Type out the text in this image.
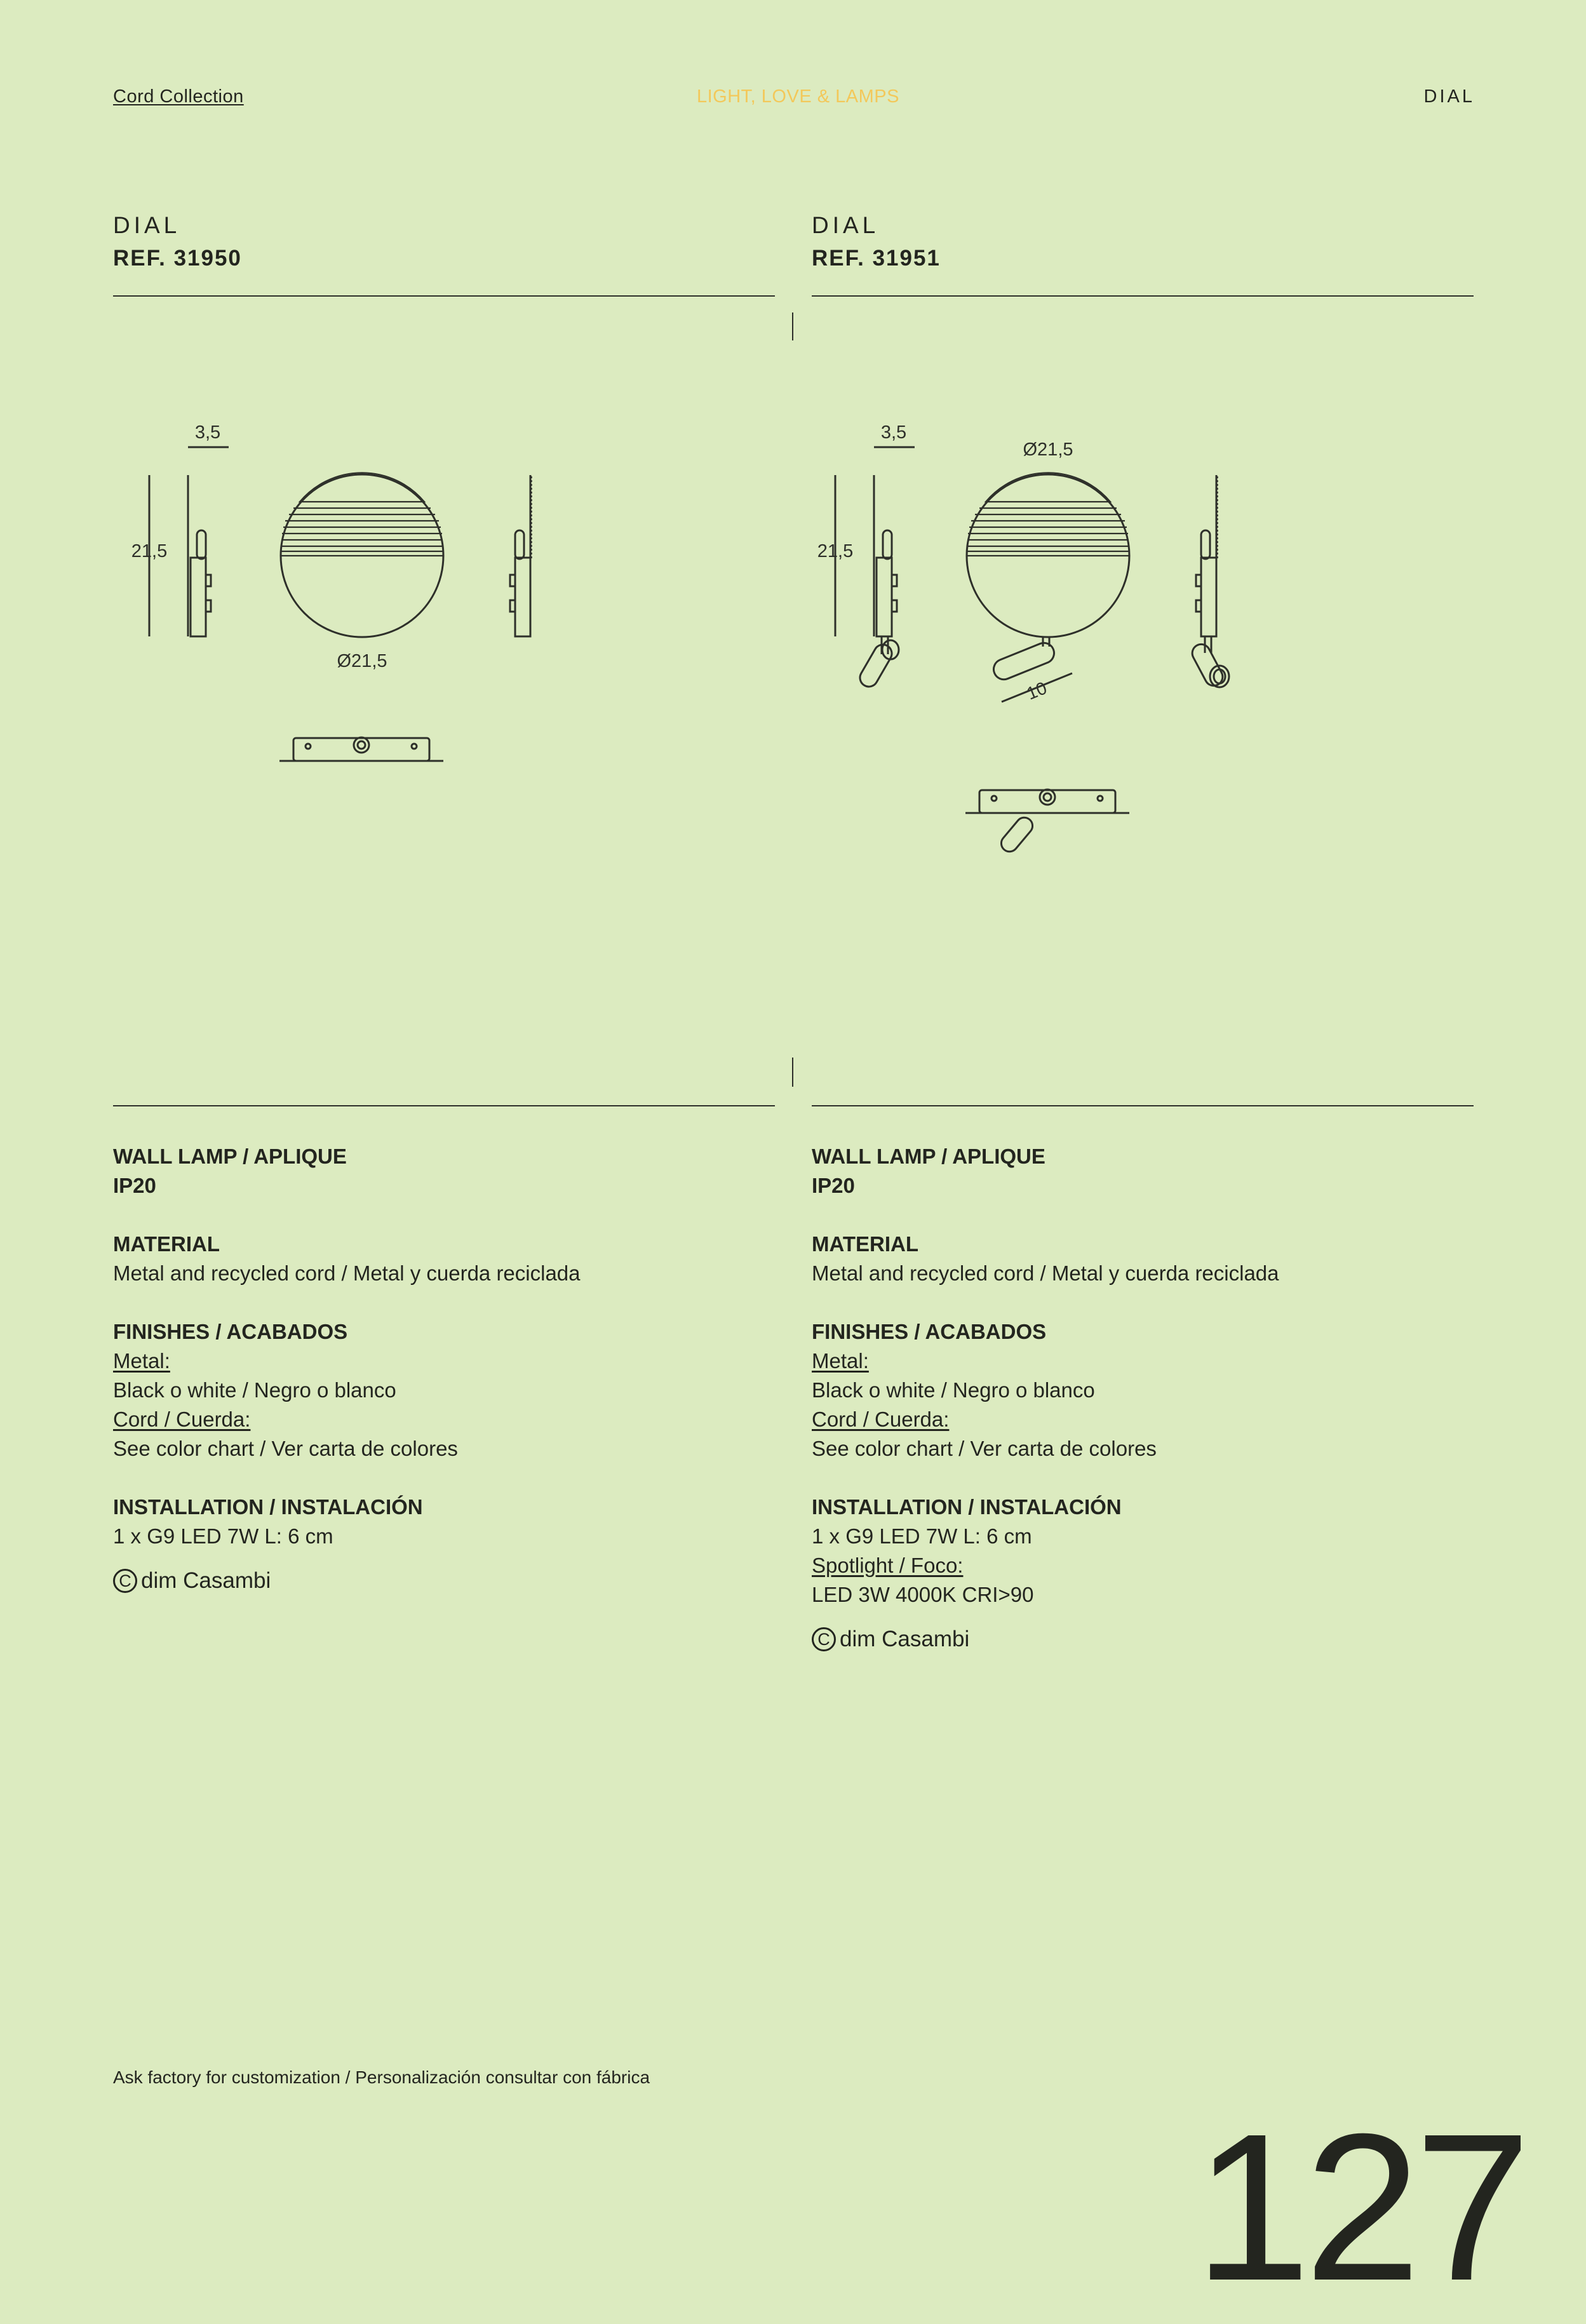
Cord Collection	LIGHT, LOVE & LAMPS	DIAL
DIAL
REF. 31950
DIAL
REF. 31951
3,5
21,5
Ø21,5
3,5
Ø21,5
21,5
10
WALL LAMP / APLIQUE
IP20
MATERIAL
Metal and recycled cord / Metal y cuerda reciclada
FINISHES / ACABADOS
Metal:
Black o white / Negro o blanco
Cord / Cuerda:
See color chart / Ver carta de colores
INSTALLATION / INSTALACIÓN
1 x G9 LED 7W L: 6 cm
C dim Casambi
WALL LAMP / APLIQUE
IP20
MATERIAL
Metal and recycled cord / Metal y cuerda reciclada
FINISHES / ACABADOS
Metal:
Black o white / Negro o blanco
Cord / Cuerda:
See color chart / Ver carta de colores
INSTALLATION / INSTALACIÓN
1 x G9 LED 7W L: 6 cm
Spotlight / Foco:
LED 3W 4000K CRI>90
C dim Casambi
Ask factory for customization / Personalización consultar con fábrica
127
